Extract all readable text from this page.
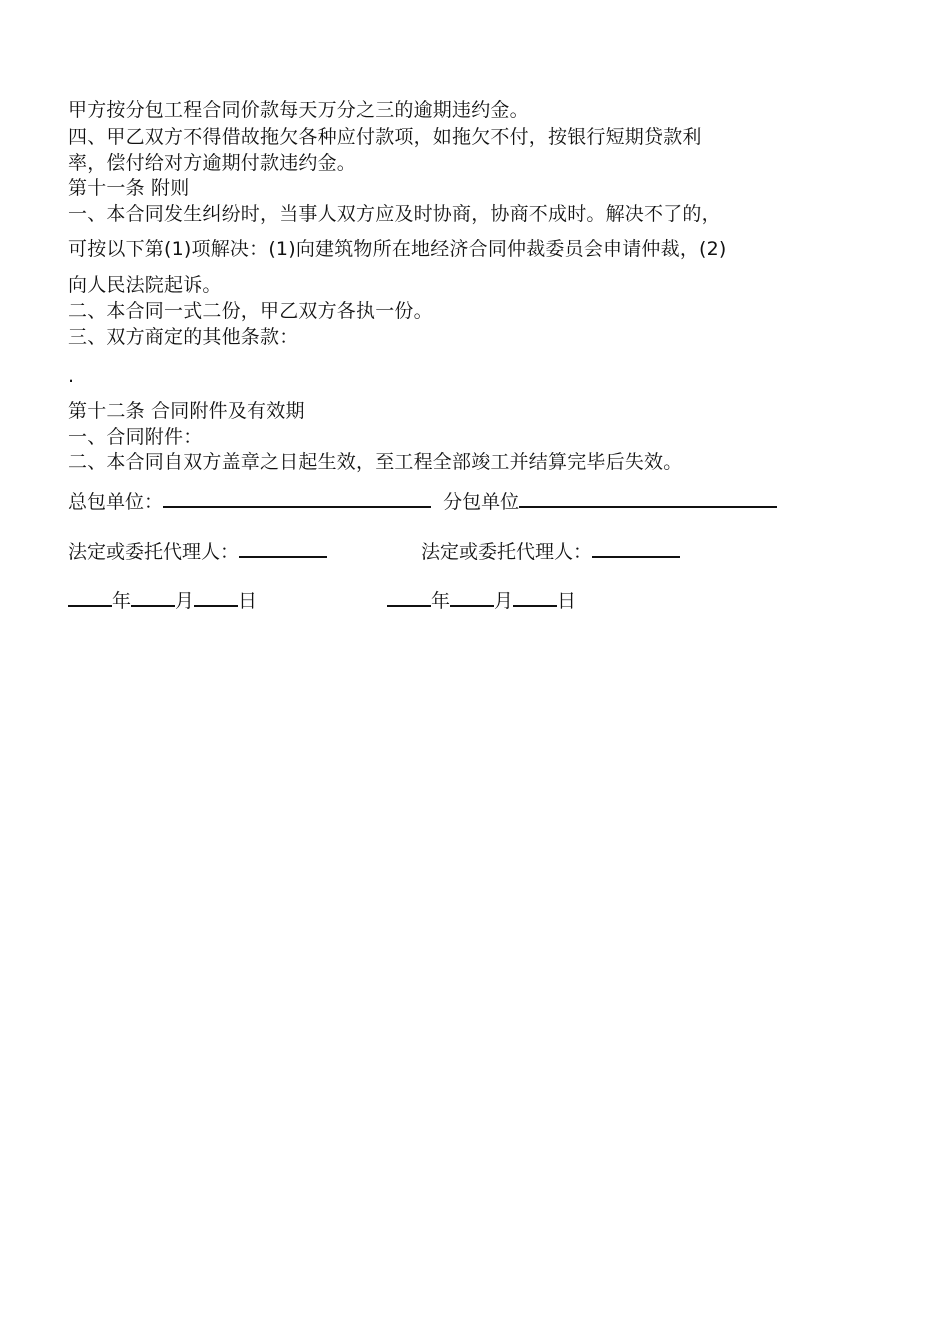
甲方按分包工程合同价款每天万分之三的逾期违约金。
四、甲乙双方不得借故拖欠各种应付款项，如拖欠不付，按银行短期贷款利
率，偿付给对方逾期付款违约金。
第十一条 附则
一、本合同发生纠纷时，当事人双方应及时协商，协商不成时。解决不了的，
可按以下第(1)项解决：(1)向建筑物所在地经济合同仲裁委员会申请仲裁，(2)
向人民法院起诉。
二、本合同一式二份，甲乙双方各执一份。
三、双方商定的其他条款：
.
第十二条 合同附件及有效期
一、合同附件：
二、本合同自双方盖章之日起生效，至工程全部竣工并结算完毕后失效。
总包单位：	分包单位
法定或委托代理人：	法定或委托代理人：
年 月 日	年 月 日
